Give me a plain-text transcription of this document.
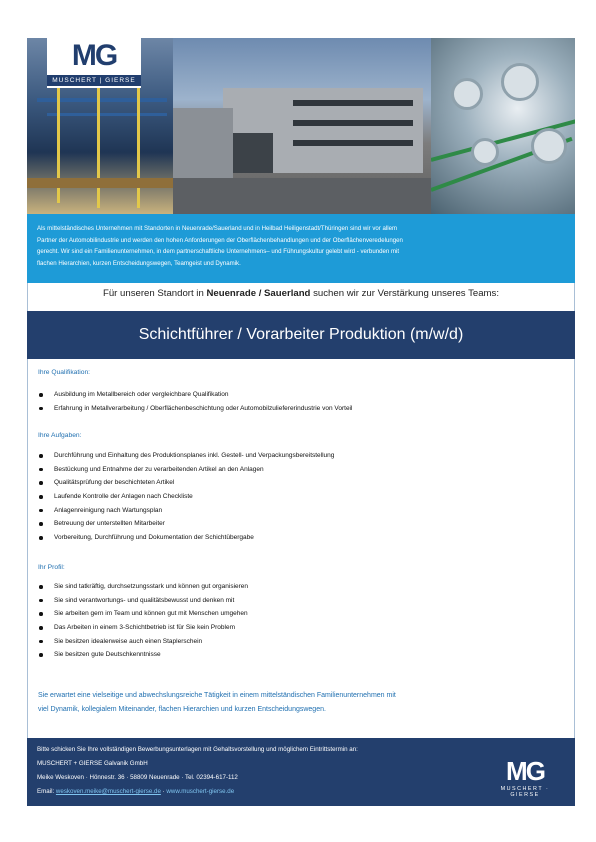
MG
MUSCHERT | GIERSE
Als mittelständisches Unternehmen mit Standorten in Neuenrade/Sauerland und in Heilbad Heiligenstadt/Thüringen sind wir vor allem
Partner der Automobilindustrie und werden den hohen Anforderungen der Oberflächenbehandlungen und der Oberflächenveredelungen
gerecht. Wir sind ein Familienunternehmen, in dem partnerschaftliche Unternehmens– und Führungskultur gelebt wird - verbunden mit
flachen Hierarchien, kurzen Entscheidungswegen, Teamgeist und Dynamik.
Für unseren Standort in Neuenrade / Sauerland suchen wir zur Verstärkung unseres Teams:
Schichtführer / Vorarbeiter Produktion (m/w/d)
Ihre Qualifikation:
Ausbildung im Metallbereich oder vergleichbare Qualifikation
Erfahrung in Metallverarbeitung / Oberflächenbeschichtung oder Automobilzuliefererindustrie von Vorteil
Ihre Aufgaben:
Durchführung und Einhaltung des Produktionsplanes inkl. Gestell- und Verpackungsbereitstellung
Bestückung und Entnahme der zu verarbeitenden Artikel an den Anlagen
Qualitätsprüfung der beschichteten Artikel
Laufende Kontrolle der Anlagen nach Checkliste
Anlagenreinigung nach Wartungsplan
Betreuung der unterstellten Mitarbeiter
Vorbereitung, Durchführung und Dokumentation der Schichtübergabe
Ihr Profil:
Sie sind tatkräftig, durchsetzungsstark und können gut organisieren
Sie sind verantwortungs- und qualitätsbewusst und denken mit
Sie arbeiten gern im Team und können gut mit Menschen umgehen
Das Arbeiten in einem 3-Schichtbetrieb ist für Sie kein Problem
Sie besitzen idealerweise auch einen Staplerschein
Sie besitzen gute Deutschkenntnisse
Sie erwartet eine vielseitige und abwechslungsreiche Tätigkeit in einem mittelständischen Familienunternehmen mit
viel Dynamik, kollegialem Miteinander, flachen Hierarchien und kurzen Entscheidungswegen.
Bitte schicken Sie Ihre vollständigen Bewerbungsunterlagen mit Gehaltsvorstellung und möglichem Eintrittstermin an:
MUSCHERT + GIERSE Galvanik GmbH
Meike Weskoven · Hönnestr. 36 · 58809 Neuenrade · Tel. 02394-617-112
Email: weskoven.meike@muschert-gierse.de · www.muschert-gierse.de
MG
MUSCHERT · GIERSE
